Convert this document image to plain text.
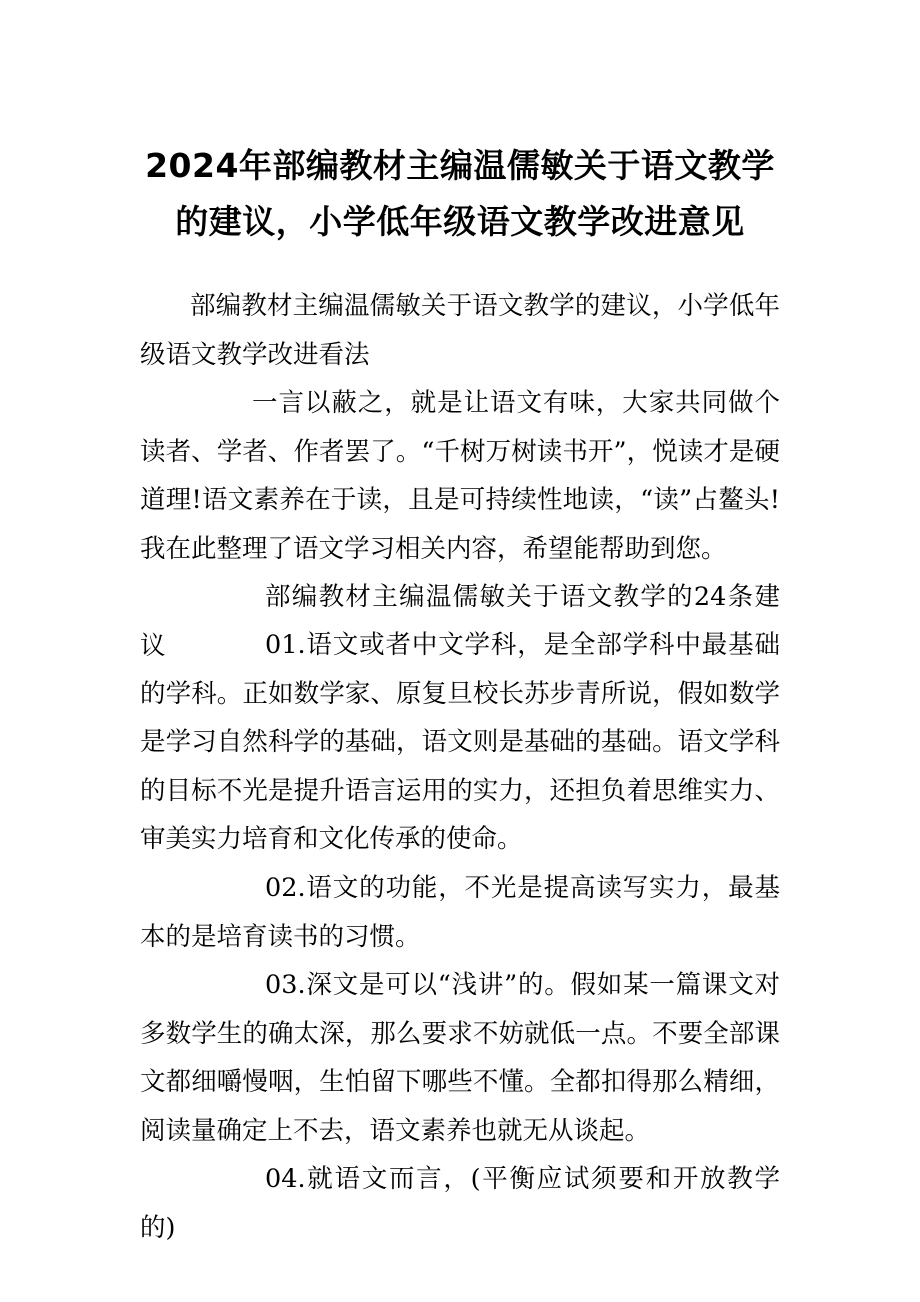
2024年部编教材主编温儒敏关于语文教学
的建议，小学低年级语文教学改进意见

部编教材主编温儒敏关于语文教学的建议，小学低年级语文教学改进看法

一言以蔽之，就是让语文有味，大家共同做个读者、学者、作者罢了。“千树万树读书开”，悦读才是硬道理!语文素养在于读，且是可持续性地读，“读”占鳌头!我在此整理了语文学习相关内容，希望能帮助到您。

部编教材主编温儒敏关于语文教学的24条建议	01.语文或者中文学科，是全部学科中最基础的学科。正如数学家、原复旦校长苏步青所说，假如数学是学习自然科学的基础，语文则是基础的基础。语文学科的目标不光是提升语言运用的实力，还担负着思维实力、审美实力培育和文化传承的使命。

02.语文的功能，不光是提高读写实力，最基本的是培育读书的习惯。

03.深文是可以“浅讲”的。假如某一篇课文对多数学生的确太深，那么要求不妨就低一点。不要全部课文都细嚼慢咽，生怕留下哪些不懂。全都扣得那么精细，阅读量确定上不去，语文素养也就无从谈起。

04.就语文而言，(平衡应试须要和开放教学的)
